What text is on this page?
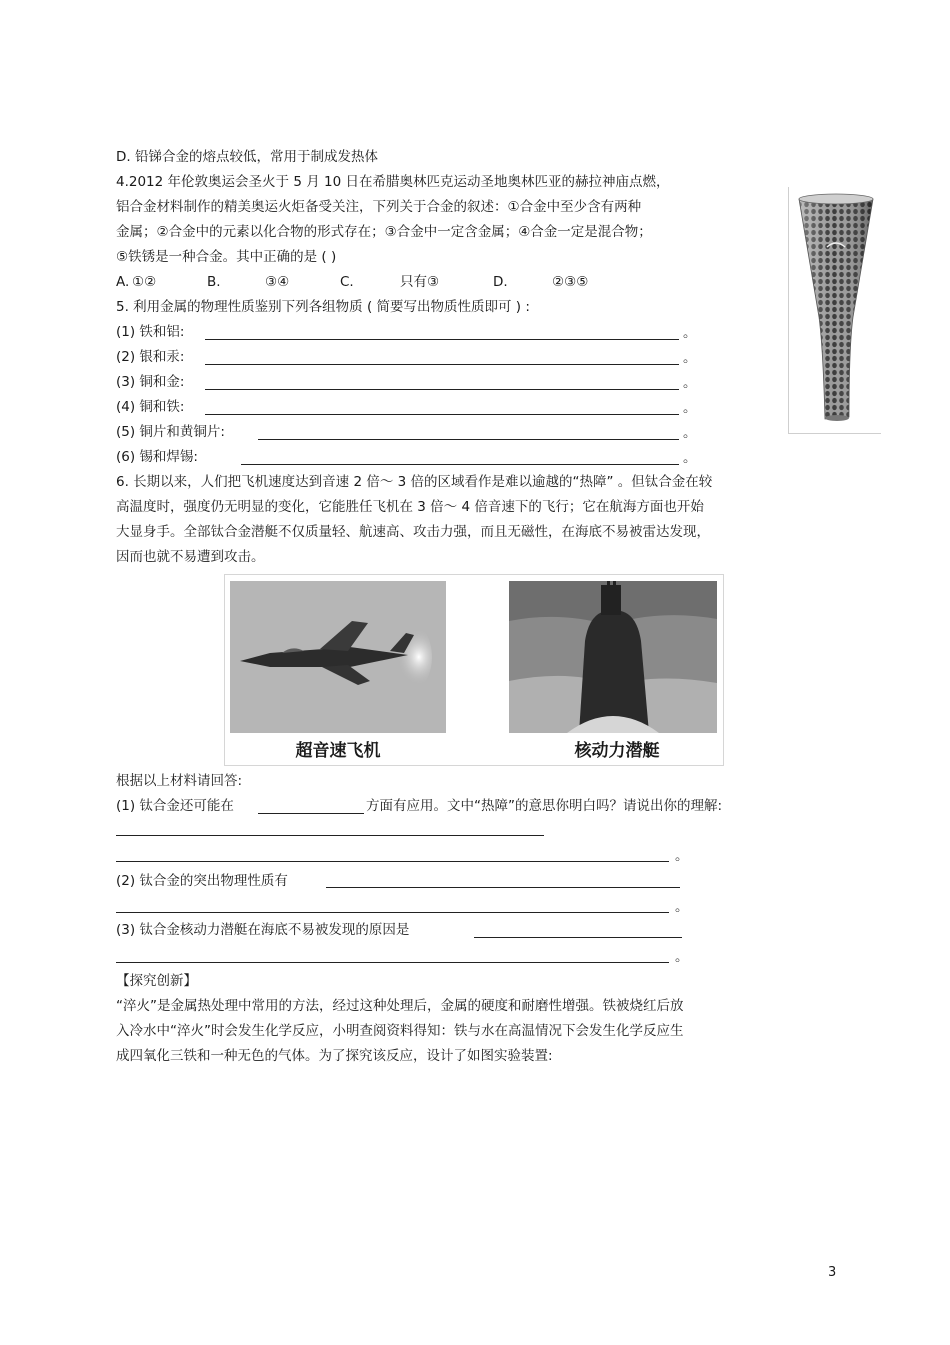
D. 铅锑合金的熔点较低，常用于制成发热体
4.2012 年伦敦奥运会圣火于 5 月 10 日在希腊奥林匹克运动圣地奥林匹亚的赫拉神庙点燃，
铝合金材料制作的精美奥运火炬备受关注，下列关于合金的叙述：①合金中至少含有两种
金属；②合金中的元素以化合物的形式存在；③合金中一定含金属；④合金一定是混合物；
⑤铁锈是一种合金。其中正确的是 ( )
A. ①②	B.	③④	C.	只有③	D.	②③⑤
5. 利用金属的物理性质鉴别下列各组物质 ( 简要写出物质性质即可 ) :
(1) 铁和铝:	。
(2) 银和汞:	。
(3) 铜和金:	。
(4) 铜和铁:	。
(5) 铜片和黄铜片:	。
(6) 锡和焊锡:	。
6. 长期以来，人们把飞机速度达到音速 2 倍～ 3 倍的区域看作是难以逾越的“热障” 。但钛合金在较
高温度时，强度仍无明显的变化，它能胜任飞机在 3 倍～ 4 倍音速下的飞行；它在航海方面也开始
大显身手。全部钛合金潜艇不仅质量轻、航速高、攻击力强，而且无磁性，在海底不易被雷达发现，
因而也就不易遭到攻击。
超音速飞机	核动力潜艇
根据以上材料请回答:
(1) 钛合金还可能在	方面有应用。文中“热障”的意思你明白吗？请说出你的理解:
。
(2) 钛合金的突出物理性质有
。
(3) 钛合金核动力潜艇在海底不易被发现的原因是
。
【探究创新】
“淬火”是金属热处理中常用的方法，经过这种处理后，金属的硬度和耐磨性增强。铁被烧红后放
入冷水中“淬火”时会发生化学反应，小明查阅资料得知：铁与水在高温情况下会发生化学反应生
成四氧化三铁和一种无色的气体。为了探究该反应，设计了如图实验装置:
3
